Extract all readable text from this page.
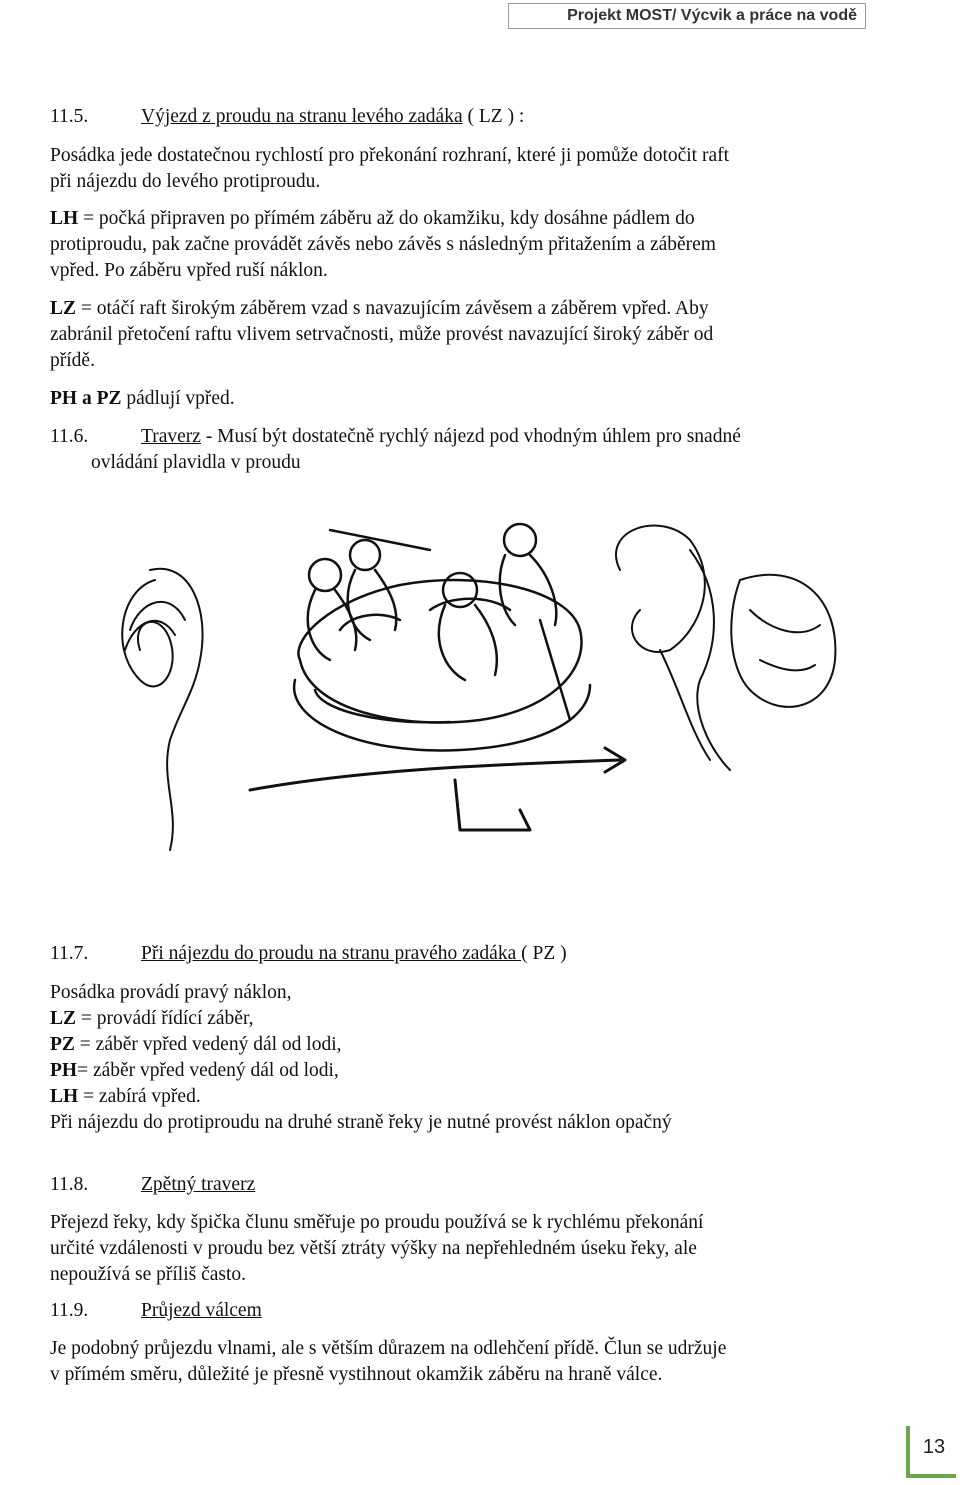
Projekt MOST/ Výcvik a práce na vodě
11.5.	Výjezd z proudu na stranu levého zadáka ( LZ ) :
Posádka jede dostatečnou rychlostí pro překonání rozhraní, které ji pomůže dotočit raft
při nájezdu do levého protiproudu.
LH = počká připraven po přímém záběru až do okamžiku, kdy dosáhne pádlem do
protiproudu, pak začne provádět závěs nebo závěs s následným přitažením a záběrem
vpřed. Po záběru vpřed ruší náklon.
LZ = otáčí raft širokým záběrem vzad s navazujícím závěsem a záběrem vpřed. Aby
zabránil přetočení raftu vlivem setrvačnosti, může provést navazující široký záběr od
přídě.
PH a PZ pádlují vpřed.
11.6.	Traverz - Musí být dostatečně rychlý nájezd pod vhodným úhlem pro snadné
ovládání plavidla v proudu
11.7.	Při nájezdu do proudu na stranu pravého zadáka ( PZ )
Posádka provádí pravý náklon,
LZ = provádí řídící záběr,
PZ = záběr vpřed vedený dál od lodi,
PH= záběr vpřed vedený dál od lodi,
LH = zabírá vpřed.
Při nájezdu do protiproudu na druhé straně řeky je nutné provést náklon opačný
11.8.	Zpětný traverz
Přejezd řeky, kdy špička člunu směřuje po proudu používá se k rychlému překonání
určité vzdálenosti v proudu bez větší ztráty výšky na nepřehledném úseku řeky, ale
nepoužívá se příliš často.
11.9.	Průjezd válcem
Je podobný průjezdu vlnami, ale s větším důrazem na odlehčení přídě. Člun se udržuje
v přímém směru, důležité je přesně vystihnout okamžik záběru na hraně válce.
13
